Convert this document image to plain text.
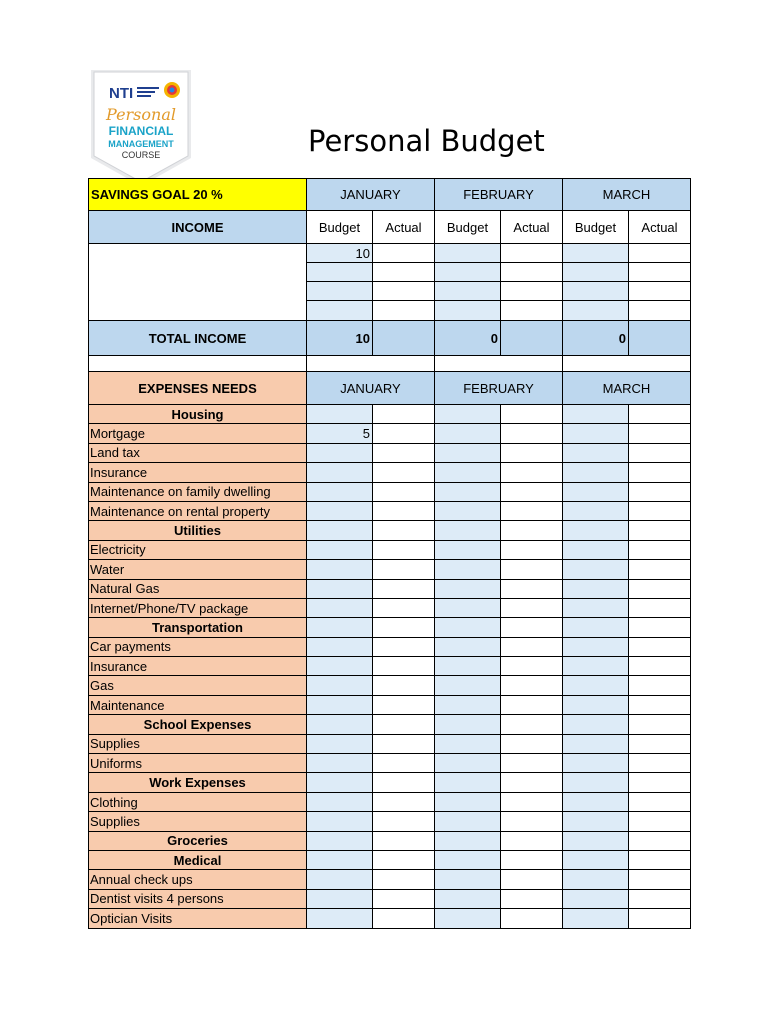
NTI
Personal
FINANCIAL
MANAGEMENT
COURSE	Personal Budget
SAVINGS GOAL 20 %	JANUARY		FEBRUARY		MARCH	
INCOME	Budget	Actual	Budget	Actual	Budget	Actual
	10					

TOTAL INCOME	10		0		0	

EXPENSES NEEDS	JANUARY		FEBRUARY		MARCH	
Housing						
Mortgage	5					
Land tax						
Insurance						
Maintenance on family dwelling						
Maintenance on rental property						
Utilities						
Electricity						
Water						
Natural Gas						
Internet/Phone/TV package						
Transportation						
Car payments						
Insurance						
Gas						
Maintenance						
School Expenses						
Supplies						
Uniforms						
Work Expenses						
Clothing						
Supplies						
Groceries						
Medical						
Annual check ups						
Dentist visits 4 persons						
Optician Visits						
